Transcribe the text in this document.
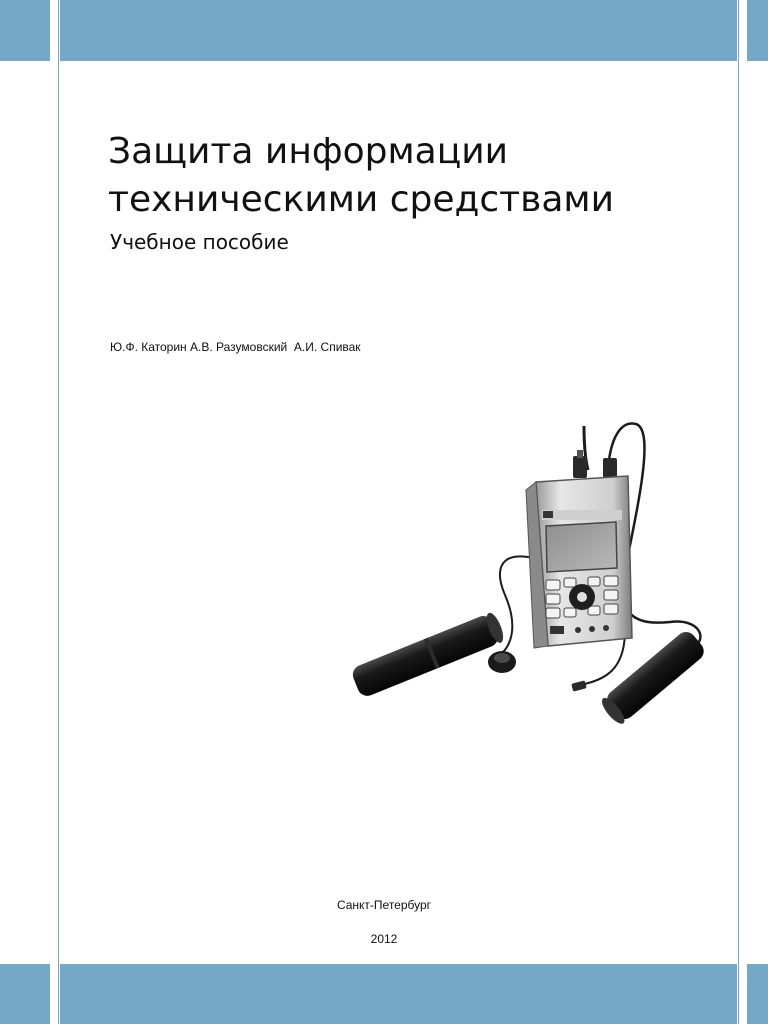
Защита информации
техническими средствами
Учебное пособие
Ю.Ф. Каторин А.В. Разумовский  А.И. Спивак
Санкт-Петербург
2012
